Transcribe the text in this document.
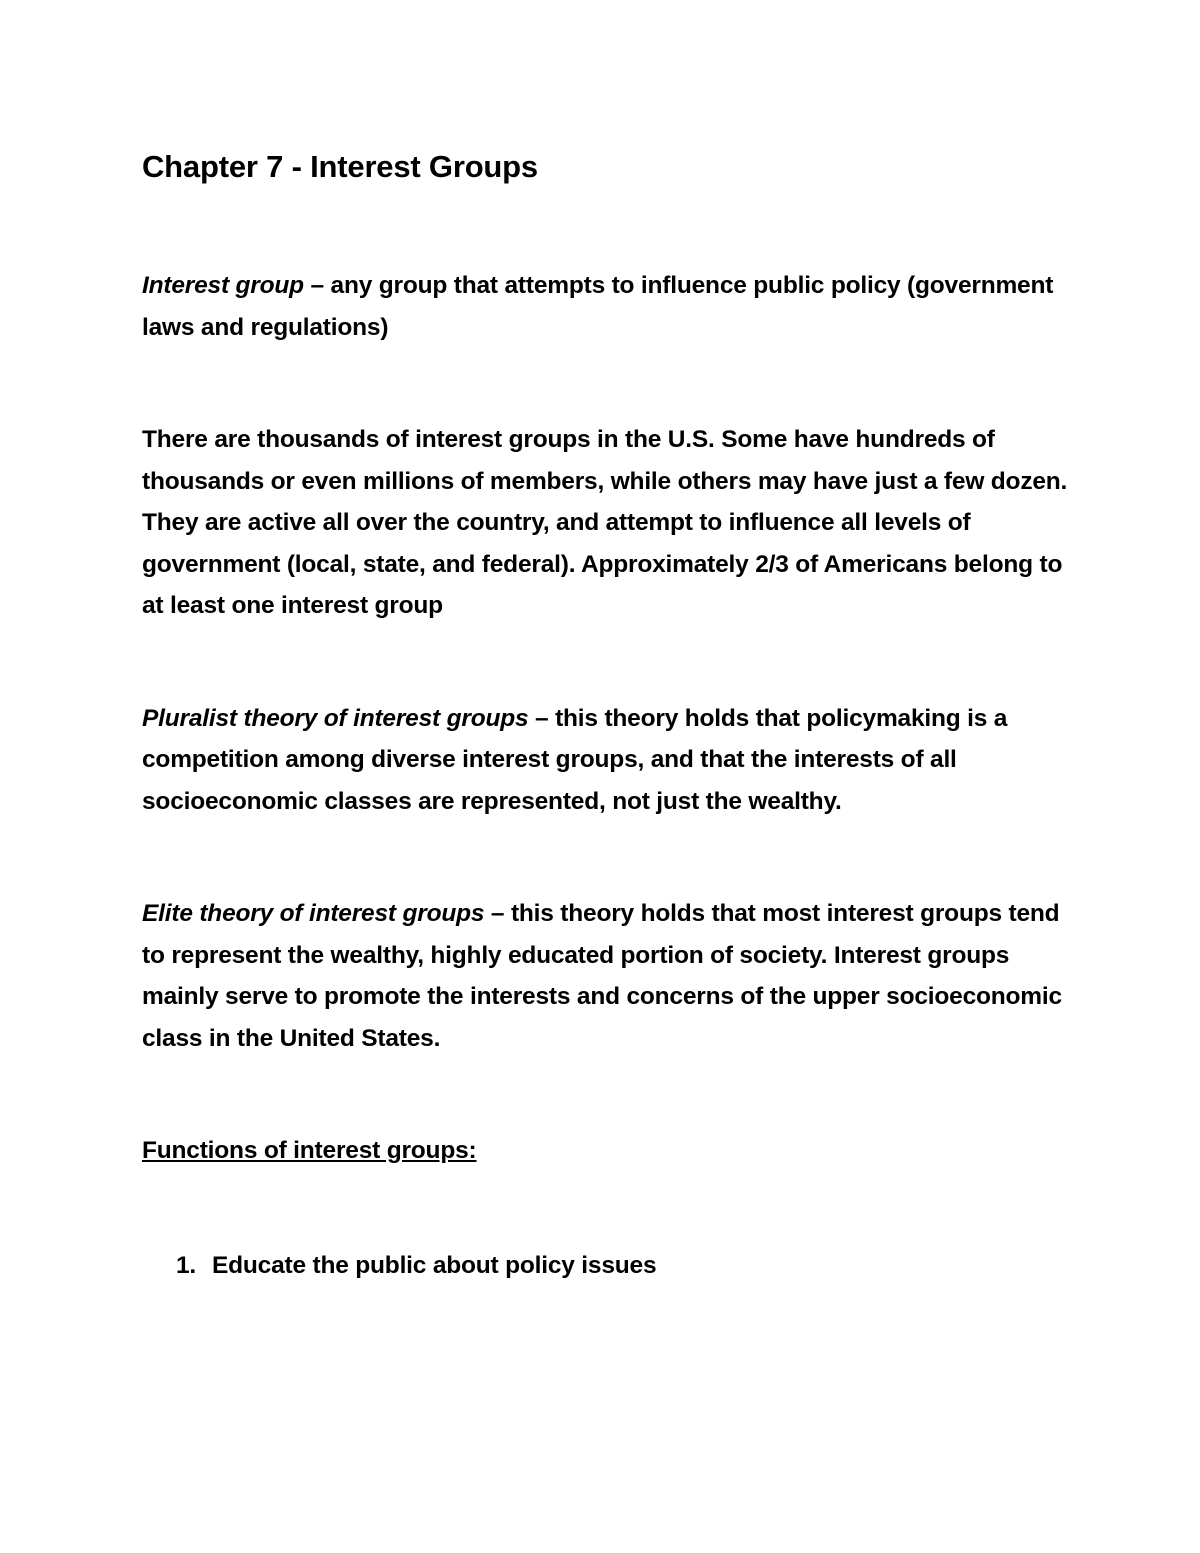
Chapter 7 - Interest Groups

Interest group – any group that attempts to influence public policy (government laws and regulations)

There are thousands of interest groups in the U.S. Some have hundreds of thousands or even millions of members, while others may have just a few dozen. They are active all over the country, and attempt to influence all levels of government (local, state, and federal). Approximately 2/3 of Americans belong to at least one interest group

Pluralist theory of interest groups – this theory holds that policymaking is a competition among diverse interest groups, and that the interests of all socioeconomic classes are represented, not just the wealthy.

Elite theory of interest groups – this theory holds that most interest groups tend to represent the wealthy, highly educated portion of society. Interest groups mainly serve to promote the interests and concerns of the upper socioeconomic class in the United States.

Functions of interest groups:

1. Educate the public about policy issues
